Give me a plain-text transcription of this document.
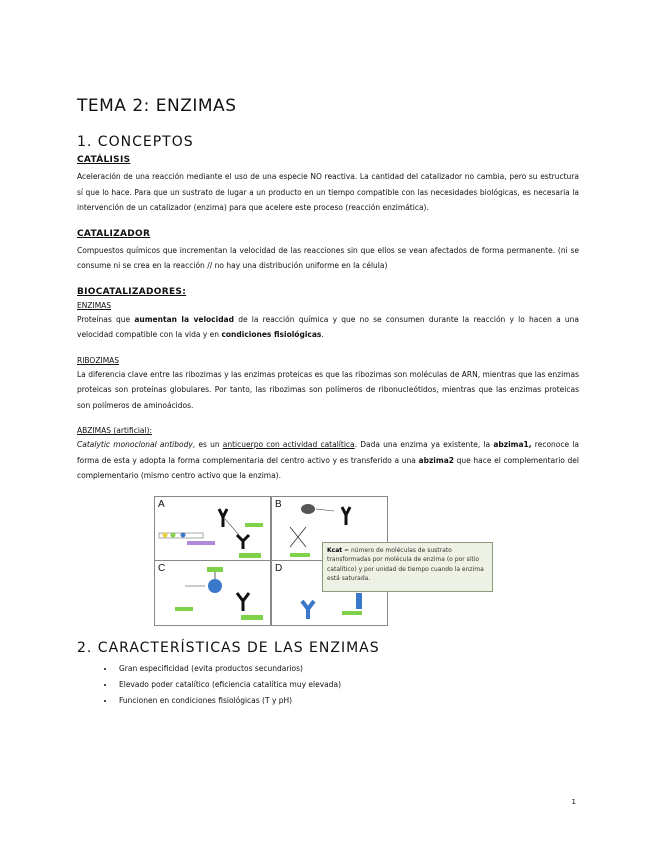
TEMA 2: ENZIMAS
1. CONCEPTOS
CATÁLISIS

Aceleración de una reacción mediante el uso de una especie NO reactiva. La cantidad del catalizador no cambia, pero su estructura sí que lo hace. Para que un sustrato de lugar a un producto en un tiempo compatible con las necesidades biológicas, es necesaria la intervención de un catalizador (enzima) para que acelere este proceso (reacción enzimática).

CATALIZADOR

Compuestos químicos que incrementan la velocidad de las reacciones sin que ellos se vean afectados de forma permanente. (ni se consume ni se crea en la reacción // no hay una distribución uniforme en la célula)

BIOCATALIZADORES:
ENZIMAS

Proteínas que aumentan la velocidad de la reacción química y que no se consumen durante la reacción y lo hacen a una velocidad compatible con la vida y en condiciones fisiológicas.

RIBOZIMAS

La diferencia clave entre las ribozimas y las enzimas proteicas es que las ribozimas son moléculas de ARN, mientras que las enzimas proteicas son proteínas globulares. Por tanto, las ribozimas son polímeros de ribonucleótidos, mientras que las enzimas proteicas son polímeros de aminoácidos.

ABZIMAS (artificial):

Catalytic monoclonal antibody, es un anticuerpo con actividad catalítica. Dada una enzima ya existente, la abzima1, reconoce la forma de esta y adopta la forma complementaria del centro activo y es transferido a una abzima2 que hace el complementario del complementario (mismo centro activo que la enzima).

A	B
C	D
Kcat = número de moléculas de sustrato transformadas por molécula de enzima (o por sitio catalítico) y por unidad de tiempo cuando la enzima está saturada.
2. CARACTERÍSTICAS DE LAS ENZIMAS
• Gran especificidad (evita productos secundarios)
• Elevado poder catalítico (eficiencia catalítica muy elevada)
• Funcionen en condiciones fisiológicas (T y pH)
1
